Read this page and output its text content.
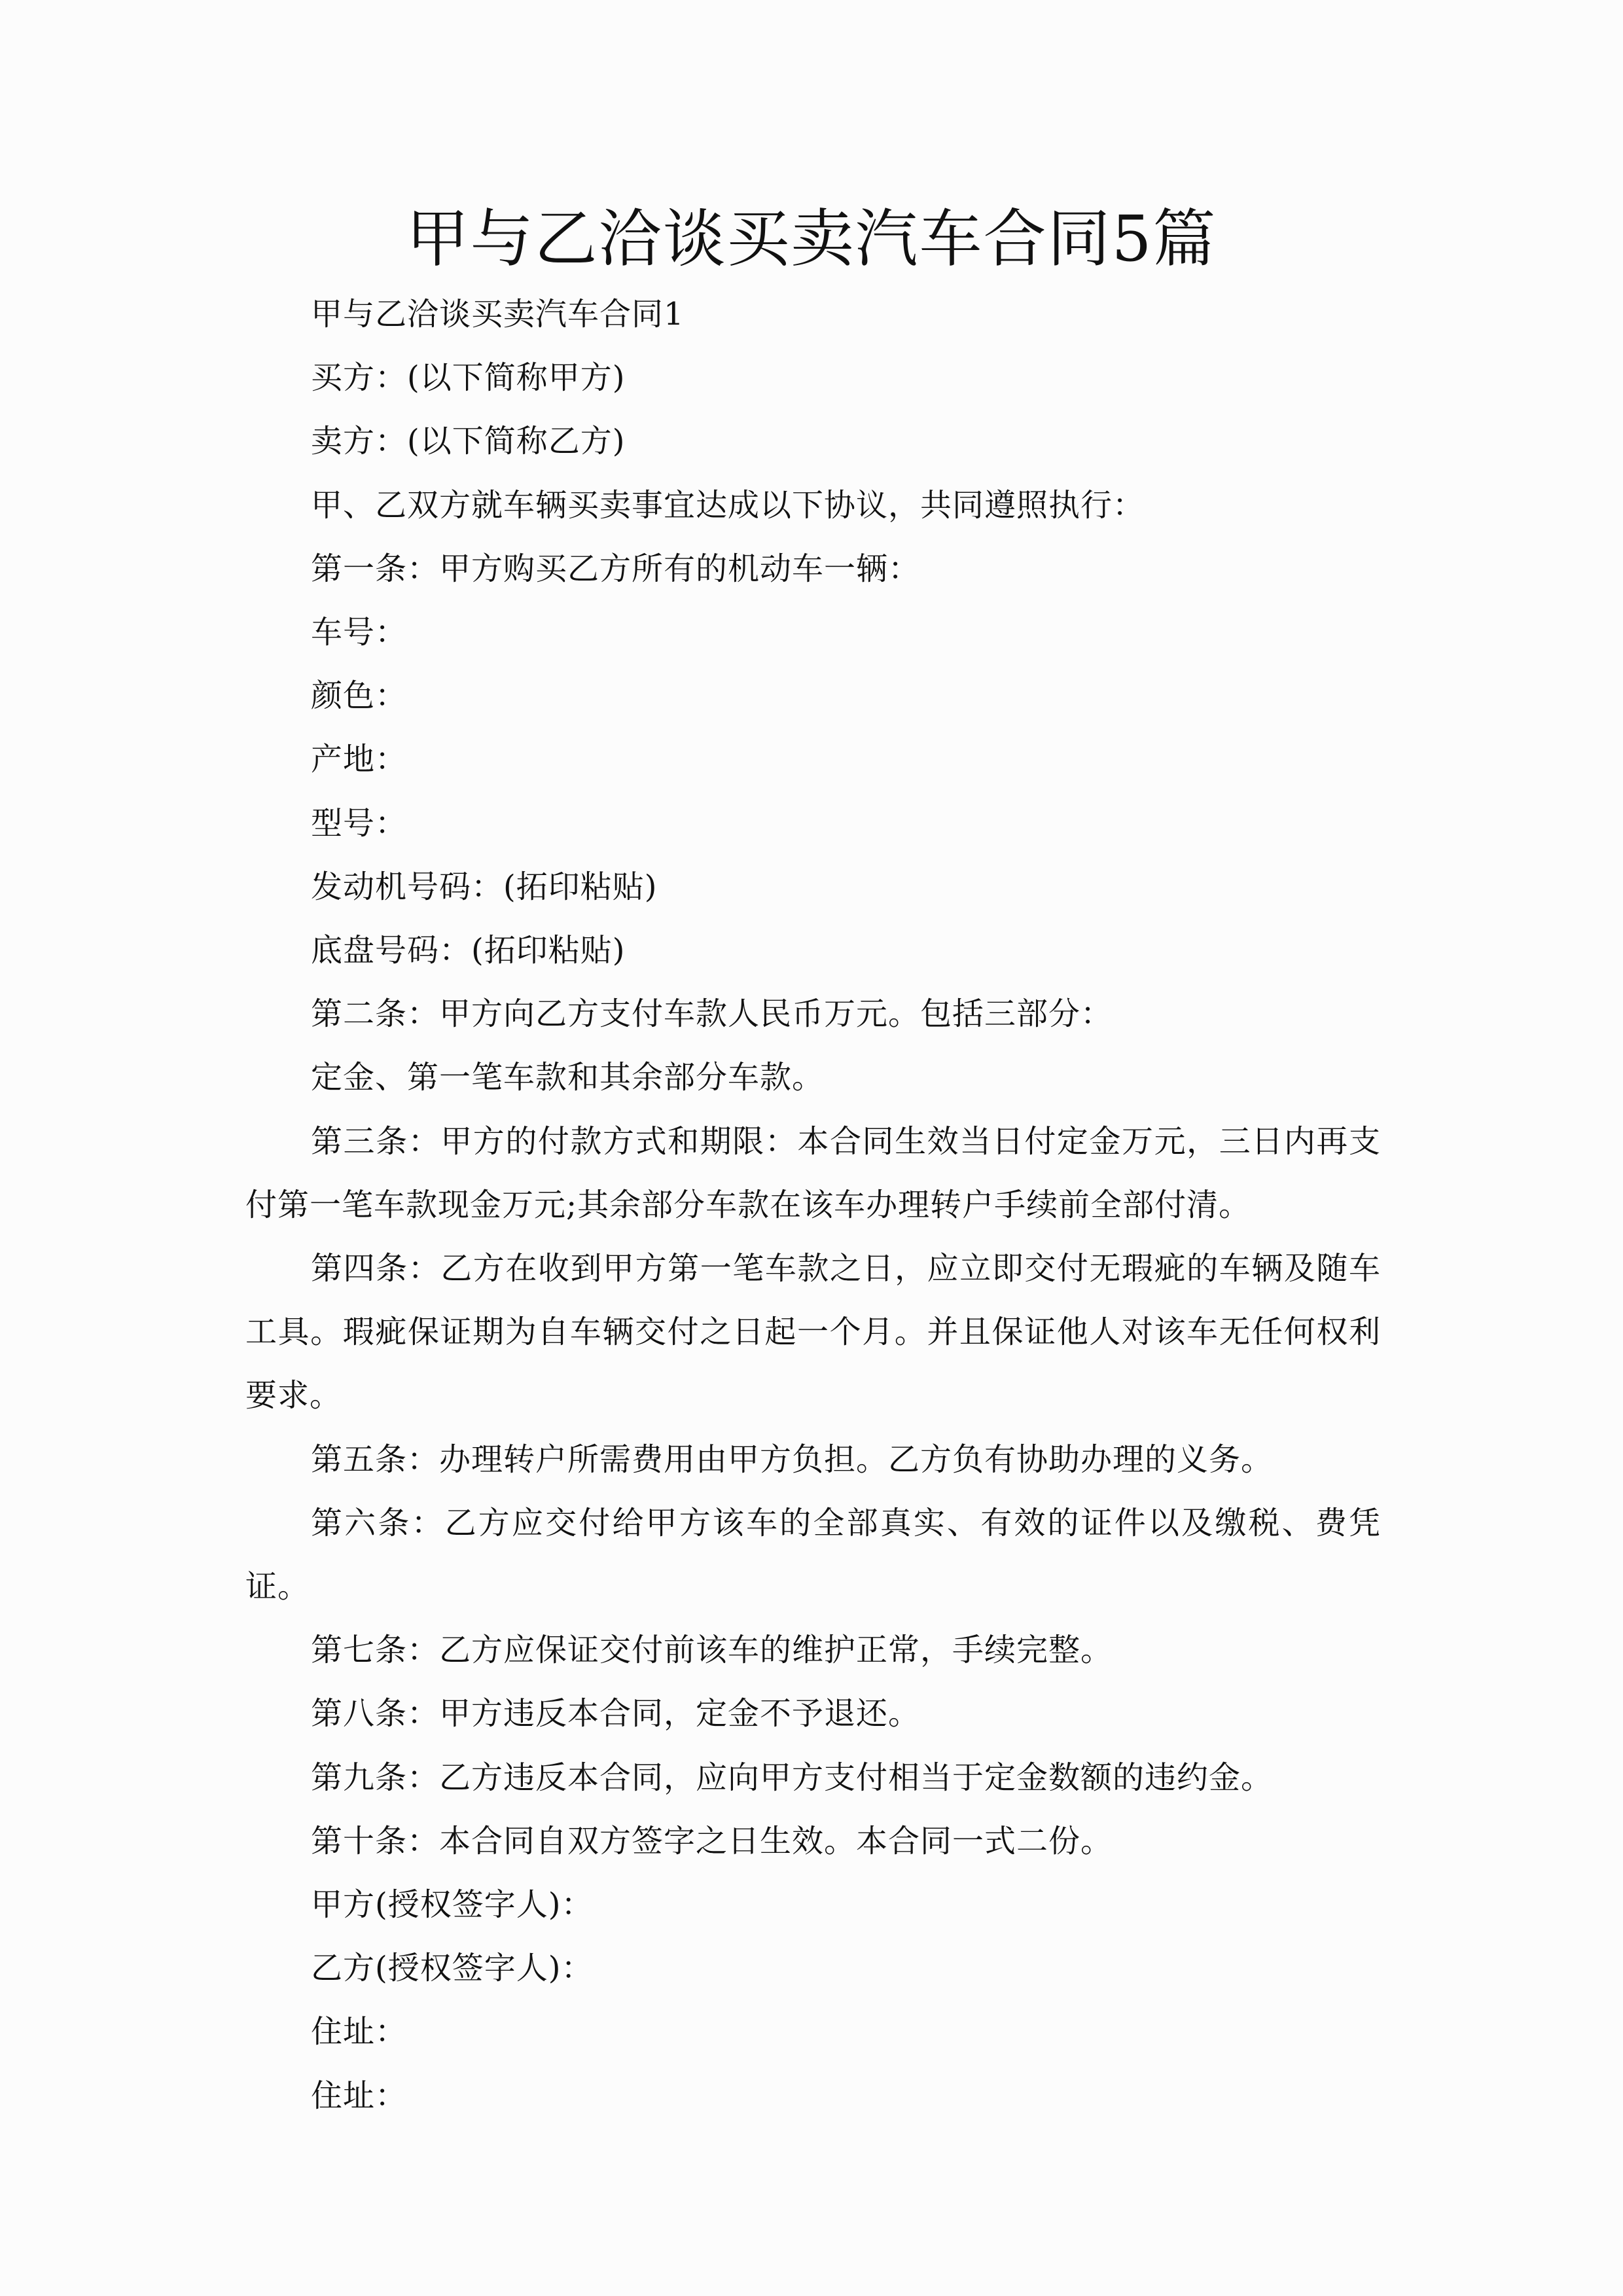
甲与乙洽谈买卖汽车合同5篇

甲与乙洽谈买卖汽车合同1

买方：(以下简称甲方)

卖方：(以下简称乙方)

甲、乙双方就车辆买卖事宜达成以下协议，共同遵照执行：

第一条：甲方购买乙方所有的机动车一辆：

车号：

颜色：

产地：

型号：

发动机号码：(拓印粘贴)

底盘号码：(拓印粘贴)

第二条：甲方向乙方支付车款人民币万元。包括三部分：

定金、第一笔车款和其余部分车款。

第三条：甲方的付款方式和期限：本合同生效当日付定金万元，三日内再支付第一笔车款现金万元;其余部分车款在该车办理转户手续前全部付清。

第四条：乙方在收到甲方第一笔车款之日，应立即交付无瑕疵的车辆及随车工具。瑕疵保证期为自车辆交付之日起一个月。并且保证他人对该车无任何权利要求。

第五条：办理转户所需费用由甲方负担。乙方负有协助办理的义务。

第六条：乙方应交付给甲方该车的全部真实、有效的证件以及缴税、费凭证。

第七条：乙方应保证交付前该车的维护正常，手续完整。

第八条：甲方违反本合同，定金不予退还。

第九条：乙方违反本合同，应向甲方支付相当于定金数额的违约金。

第十条：本合同自双方签字之日生效。本合同一式二份。

甲方(授权签字人)：

乙方(授权签字人)：

住址：

住址：
